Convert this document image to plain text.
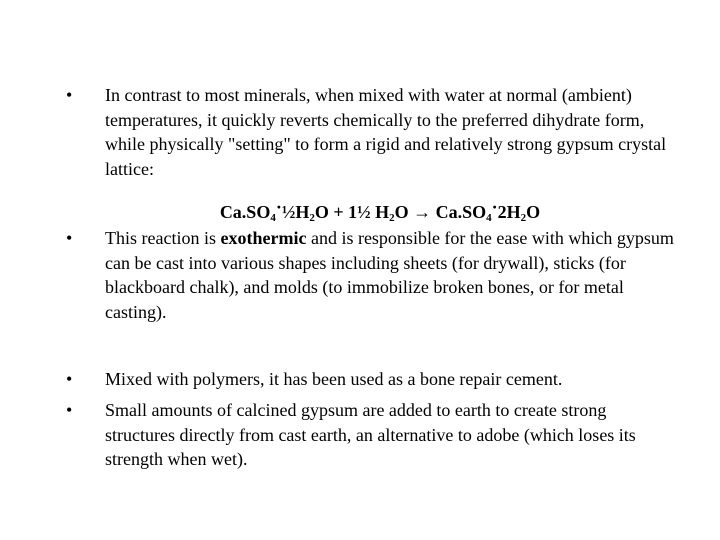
•	In contrast to most minerals, when mixed with water at normal (ambient) temperatures, it quickly reverts chemically to the preferred dihydrate form, while physically "setting" to form a rigid and relatively strong gypsum crystal lattice:
$Ca.SO_4\cdot\frac{1}{2}H_2O$ + 1½ $H_2O \to Ca.SO_4\cdot 2H_2O$
•	This reaction is exothermic and is responsible for the ease with which gypsum can be cast into various shapes including sheets (for drywall), sticks (for blackboard chalk), and molds (to immobilize broken bones, or for metal casting).
•	Mixed with polymers, it has been used as a bone repair cement.
•	Small amounts of calcined gypsum are added to earth to create strong structures directly from cast earth, an alternative to adobe (which loses its strength when wet).
